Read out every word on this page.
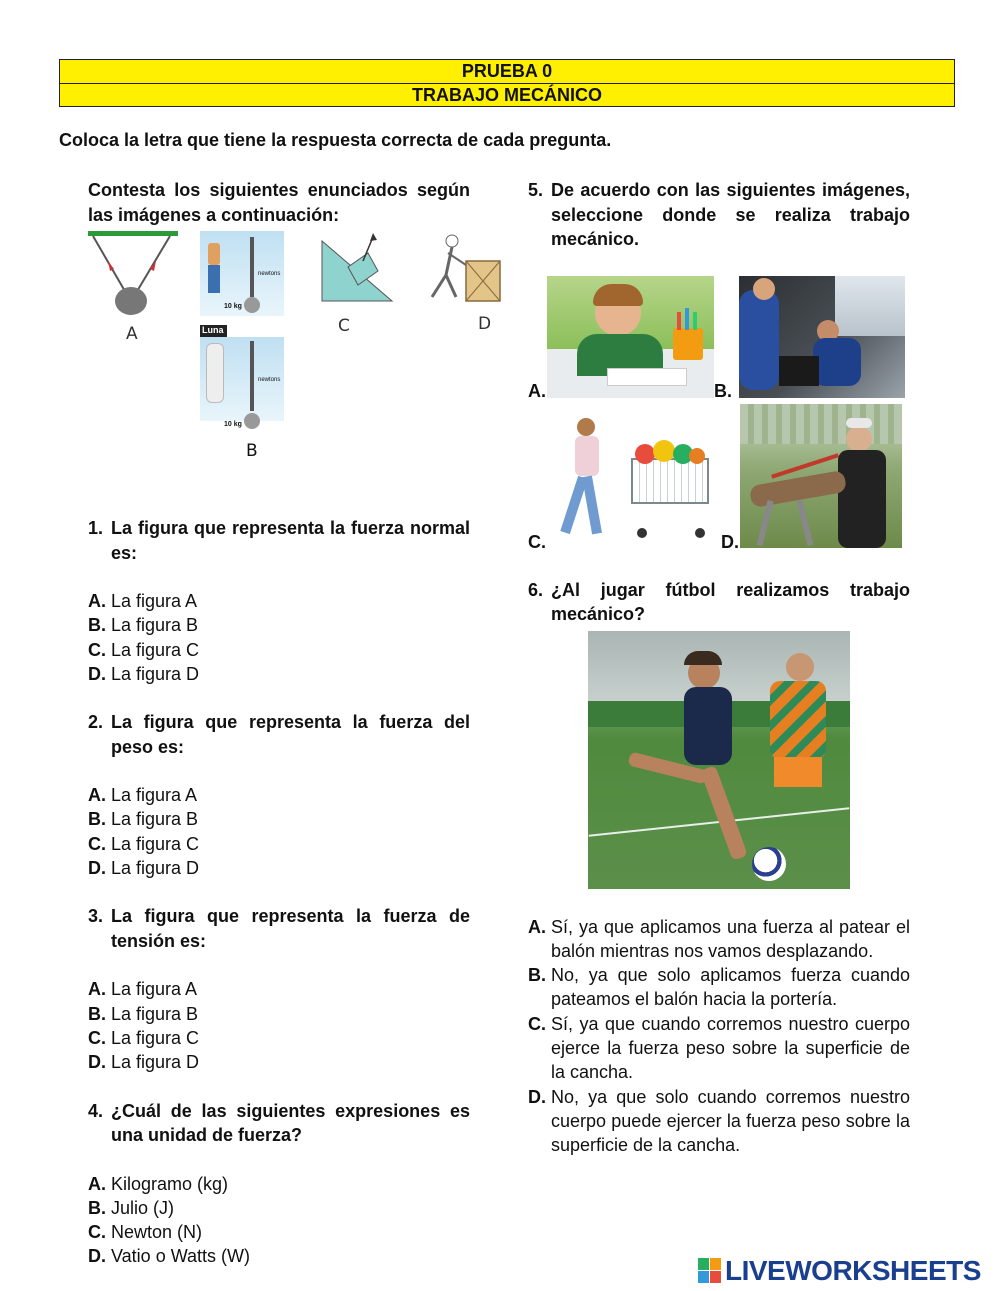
PRUEBA 0
TRABAJO MECÁNICO
Coloca la letra que tiene la respuesta correcta de cada pregunta.
Contesta los siguientes enunciados según las imágenes a continuación:
A
newtons
10 kg
Luna
newtons
10 kg
B
C	D
1. La figura que representa la fuerza normal es:
A. La figura A
B. La figura B
C. La figura C
D. La figura D
2. La figura que representa la fuerza del peso es:
A. La figura A
B. La figura B
C. La figura C
D. La figura D
3. La figura que representa la fuerza de tensión es:
A. La figura A
B. La figura B
C. La figura C
D. La figura D
4. ¿Cuál de las siguientes expresiones es una unidad de fuerza?
A. Kilogramo (kg)
B. Julio (J)
C. Newton (N)
D. Vatio o Watts (W)
5. De acuerdo con las siguientes imágenes, seleccione donde se realiza trabajo mecánico.
A.	B.
C.	D.
6. ¿Al jugar fútbol realizamos trabajo mecánico?
A. Sí, ya que aplicamos una fuerza al patear el balón mientras nos vamos desplazando.
B. No, ya que solo aplicamos fuerza cuando pateamos el balón hacia la portería.
C. Sí, ya que cuando corremos nuestro cuerpo ejerce la fuerza peso sobre la superficie de la cancha.
D. No, ya que solo cuando corremos nuestro cuerpo puede ejercer la fuerza peso sobre la superficie de la cancha.
LIVEWORKSHEETS
